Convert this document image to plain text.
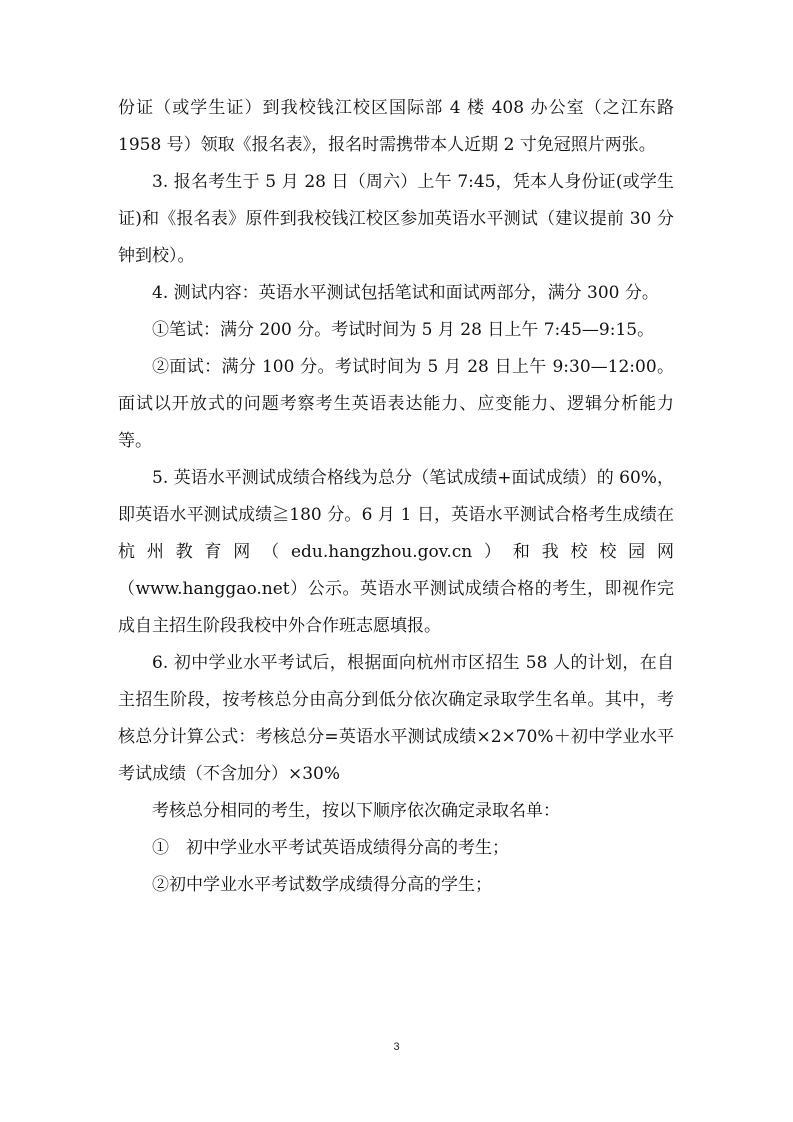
份证（或学生证）到我校钱江校区国际部 4 楼 408 办公室（之江东路 1958 号）领取《报名表》，报名时需携带本人近期 2 寸免冠照片两张。

3. 报名考生于 5 月 28 日（周六）上午 7:45，凭本人身份证(或学生证)和《报名表》原件到我校钱江校区参加英语水平测试（建议提前 30 分钟到校）。

4. 测试内容：英语水平测试包括笔试和面试两部分，满分 300 分。

①笔试：满分 200 分。考试时间为 5 月 28 日上午 7:45—9:15。

②面试：满分 100 分。考试时间为 5 月 28 日上午 9:30—12:00。面试以开放式的问题考察考生英语表达能力、应变能力、逻辑分析能力等。

5. 英语水平测试成绩合格线为总分（笔试成绩+面试成绩）的 60%，即英语水平测试成绩≧180 分。6 月 1 日，英语水平测试合格考生成绩在杭州教育网（edu.hangzhou.gov.cn）和我校校园网（www.hanggao.net）公示。英语水平测试成绩合格的考生，即视作完成自主招生阶段我校中外合作班志愿填报。

6. 初中学业水平考试后，根据面向杭州市区招生 58 人的计划，在自主招生阶段，按考核总分由高分到低分依次确定录取学生名单。其中，考核总分计算公式：考核总分=英语水平测试成绩×2×70%＋初中学业水平考试成绩（不含加分）×30%

考核总分相同的考生，按以下顺序依次确定录取名单：

①　初中学业水平考试英语成绩得分高的考生；

②初中学业水平考试数学成绩得分高的学生；

3
